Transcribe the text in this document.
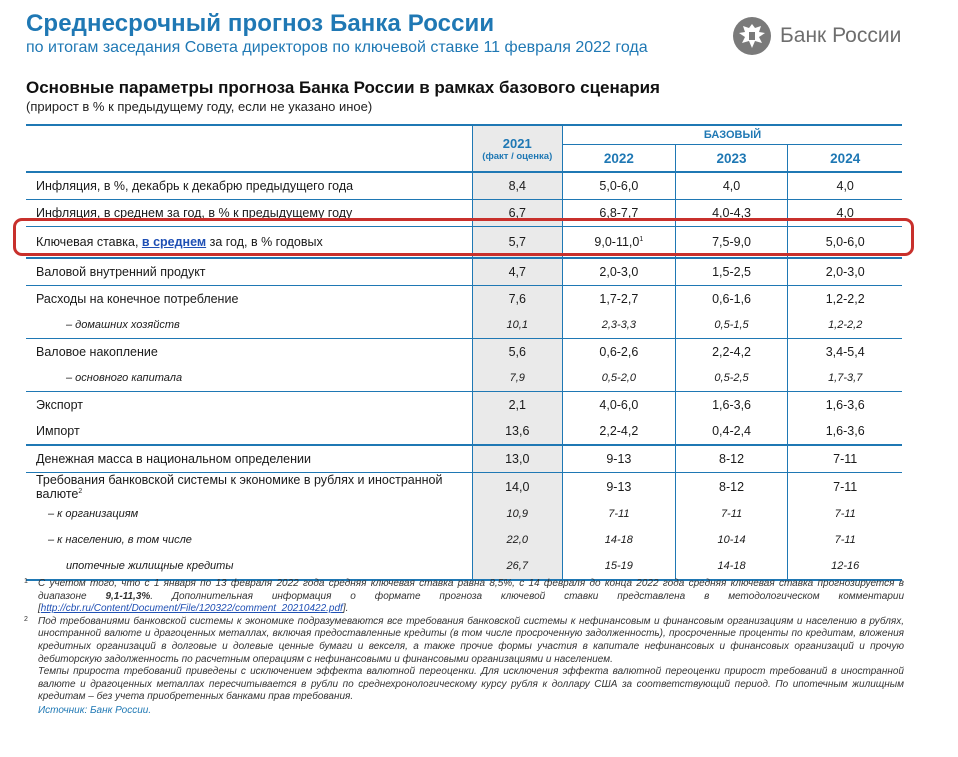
Среднесрочный прогноз Банка России
по итогам заседания Совета директоров по ключевой ставке 11 февраля 2022 года
Банк России
Основные параметры прогноза Банка России в рамках базового сценария
(прирост в % к предыдущему году, если не указано иное)

	2021
(факт / оценка)	БАЗОВЫЙ		
		2022	2023	2024
Инфляция, в %, декабрь к декабрю предыдущего года	8,4	5,0-6,0	4,0	4,0
Инфляция, в среднем за год, в % к предыдущему году	6,7	6,8-7,7	4,0-4,3	4,0
Ключевая ставка, в среднем за год, в % годовых	5,7	9,0-11,0$^1$	7,5-9,0	5,0-6,0
Валовой внутренний продукт	4,7	2,0-3,0	1,5-2,5	2,0-3,0
Расходы на конечное потребление	7,6	1,7-2,7	0,6-1,6	1,2-2,2
– домашних хозяйств	10,1	2,3-3,3	0,5-1,5	1,2-2,2
Валовое накопление	5,6	0,6-2,6	2,2-4,2	3,4-5,4
– основного капитала	7,9	0,5-2,0	0,5-2,5	1,7-3,7
Экспорт	2,1	4,0-6,0	1,6-3,6	1,6-3,6
Импорт	13,6	2,2-4,2	0,4-2,4	1,6-3,6
Денежная масса в национальном определении	13,0	9-13	8-12	7-11
Требования банковской системы к экономике в рублях и иностранной валюте$^2$	14,0	9-13	8-12	7-11
– к организациям	10,9	7-11	7-11	7-11
– к населению, в том числе	22,0	14-18	10-14	7-11
ипотечные жилищные кредиты	26,7	15-19	14-18	12-16
1 С учетом того, что с 1 января по 13 февраля 2022 года средняя ключевая ставка равна 8,5%, с 14 февраля до конца 2022 года средняя ключевая ставка прогнозируется в диапазоне 9,1-11,3%. Дополнительная информация о формате прогноза ключевой ставки представлена в методологическом комментарии [http://cbr.ru/Content/Document/File/120322/comment_20210422.pdf].
2 Под требованиями банковской системы к экономике подразумеваются все требования банковской системы к нефинансовым и финансовым организациям и населению в рублях, иностранной валюте и драгоценных металлах, включая предоставленные кредиты (в том числе просроченную задолженность), просроченные проценты по кредитам, вложения кредитных организаций в долговые и долевые ценные бумаги и векселя, а также прочие формы участия в капитале нефинансовых и финансовых организаций и прочую дебиторскую задолженность по расчетным операциям с нефинансовыми и финансовыми организациями и населением.
Темпы прироста требований приведены с исключением эффекта валютной переоценки. Для исключения эффекта валютной переоценки прирост требований в иностранной валюте и драгоценных металлах пересчитывается в рубли по среднехронологическому курсу рубля к доллару США за соответствующий период. По ипотечным жилищным кредитам – без учета приобретенных банками прав требования.
Источник: Банк России.
